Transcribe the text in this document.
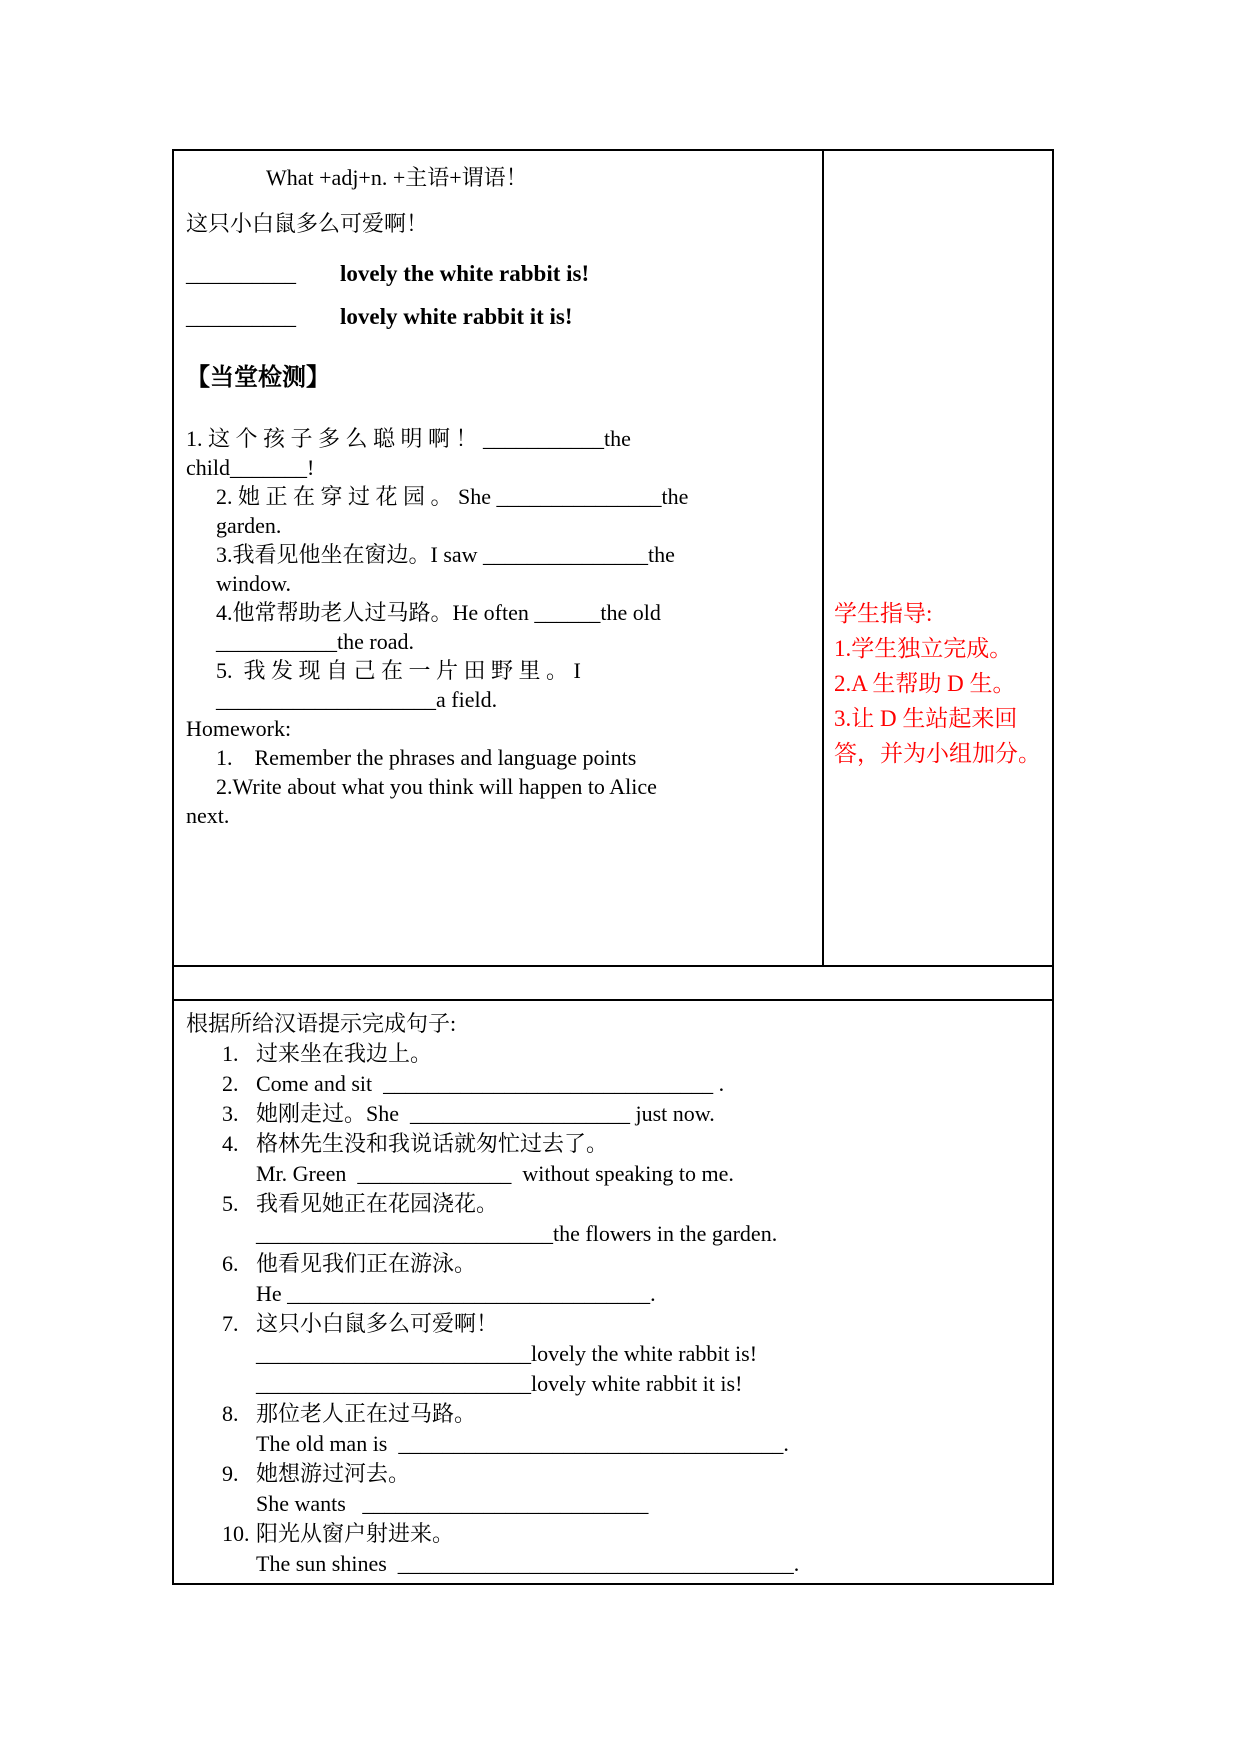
What +adj+n. +主语+谓语！
这只小白鼠多么可爱啊！
__________ lovely the white rabbit is!
__________ lovely white rabbit it is!
【当堂检测】
1. 这 个 孩 子 多 么 聪 明 啊 ！ ___________the
child_______!
2. 她 正 在 穿 过 花 园 。 She _______________the
garden.
3.我看见他坐在窗边。I saw _______________the
window.
4.他常帮助老人过马路。He often ______the old
___________the road.
5.  我 发 现 自 己 在 一 片 田 野 里 。 I
____________________a field.
Homework:
1.    Remember the phrases and language points
2.Write about what you think will happen to Alice
next.
学生指导:
1.学生独立完成。
2.A 生帮助 D 生。
3.让 D 生站起来回
答，并为小组加分。
根据所给汉语提示完成句子:
1. 过来坐在我边上。
2. Come and sit  ______________________________ .
3. 她刚走过。She  ____________________ just now.
4. 格林先生没和我说话就匆忙过去了。
Mr. Green  ______________  without speaking to me.
5. 我看见她正在花园浇花。
___________________________the flowers in the garden.
6. 他看见我们正在游泳。
He _________________________________.
7. 这只小白鼠多么可爱啊！
_________________________lovely the white rabbit is!
_________________________lovely white rabbit it is!
8. 那位老人正在过马路。
The old man is  ___________________________________.
9. 她想游过河去。
She wants   __________________________
10. 阳光从窗户射进来。
The sun shines  ____________________________________.
